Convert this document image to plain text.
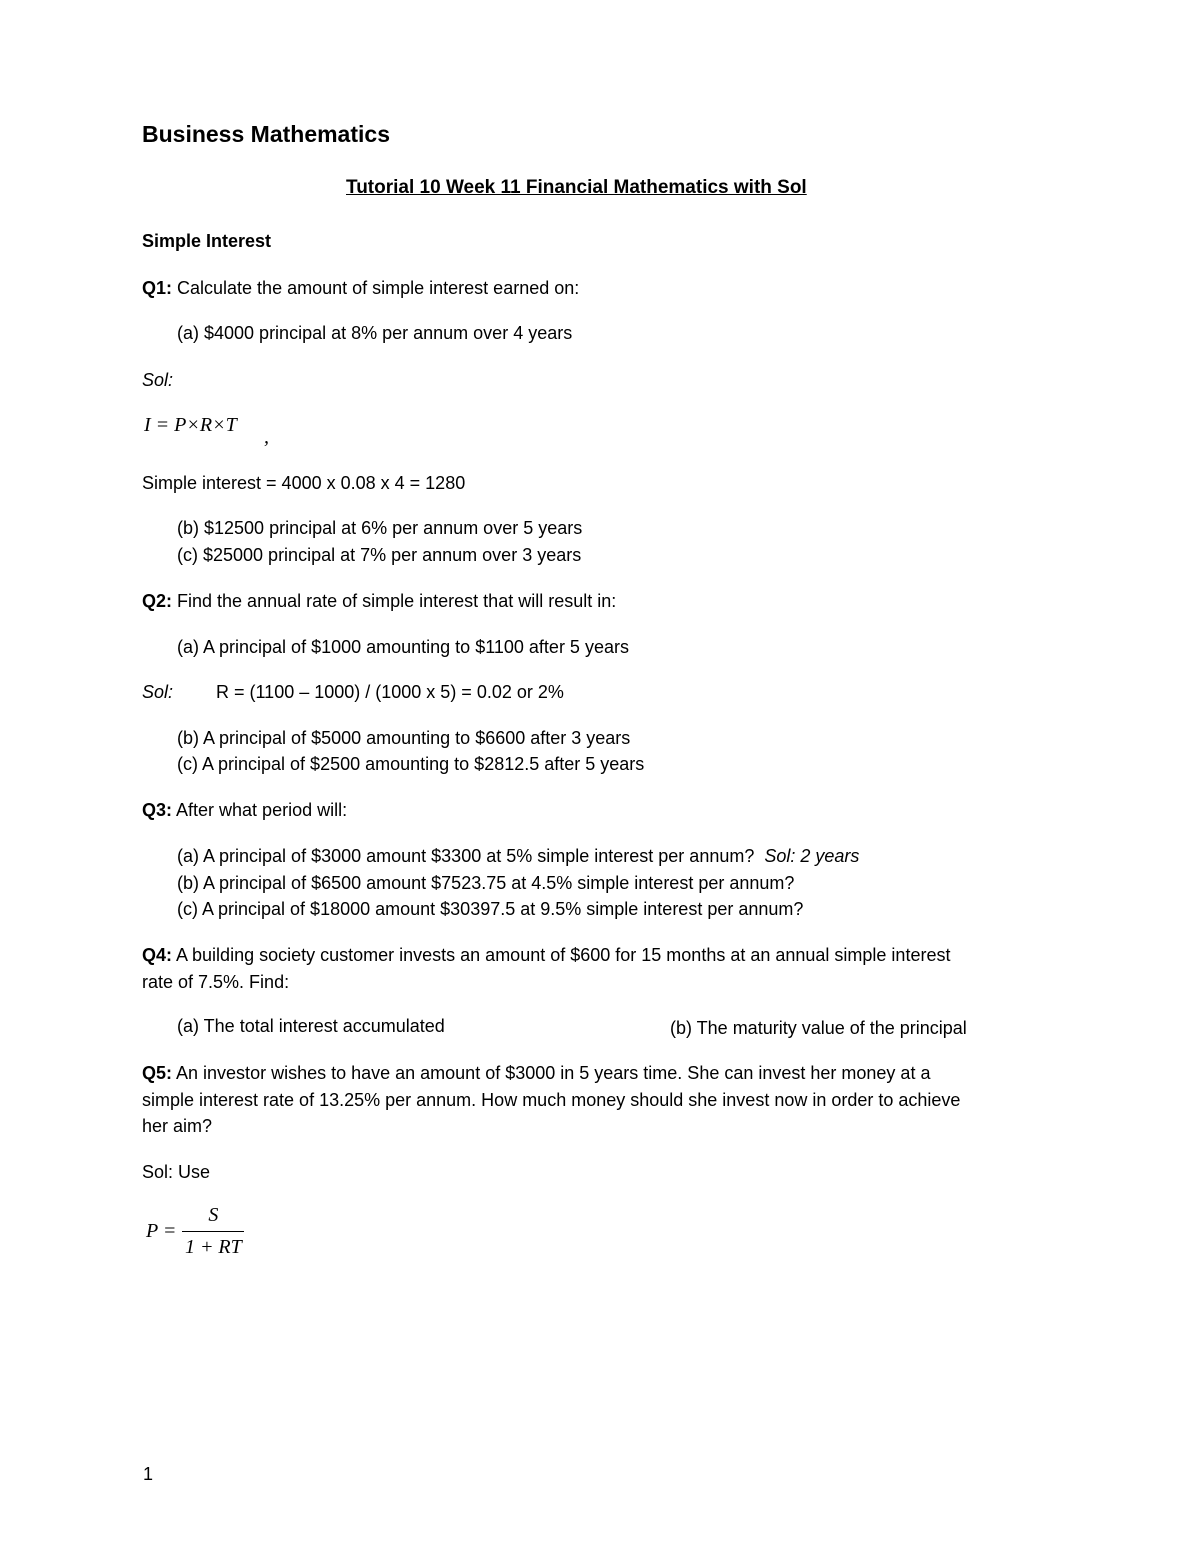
Business Mathematics
Tutorial 10 Week 11 Financial Mathematics with Sol
Simple Interest
Q1: Calculate the amount of simple interest earned on:
(a) $4000 principal at 8% per annum over 4 years
Sol:
I = P×R×T
,
Simple interest = 4000 x 0.08 x 4 = 1280
(b) $12500 principal at 6% per annum over 5 years
(c) $25000 principal at 7% per annum over 3 years
Q2: Find the annual rate of simple interest that will result in:
(a) A principal of $1000 amounting to $1100 after 5 years
Sol: R = (1100 – 1000) / (1000 x 5) = 0.02 or 2%
(b) A principal of $5000 amounting to $6600 after 3 years
(c) A principal of $2500 amounting to $2812.5 after 5 years
Q3: After what period will:
(a) A principal of $3000 amount $3300 at 5% simple interest per annum? Sol: 2 years
(b) A principal of $6500 amount $7523.75 at 4.5% simple interest per annum?
(c) A principal of $18000 amount $30397.5 at 9.5% simple interest per annum?
Q4: A building society customer invests an amount of $600 for 15 months at an annual simple interest
rate of 7.5%. Find:
(a) The total interest accumulated	(b) The maturity value of the principal
Q5: An investor wishes to have an amount of $3000 in 5 years time. She can invest her money at a
simple interest rate of 13.25% per annum. How much money should she invest now in order to achieve
her aim?
Sol: Use
$P = \frac{S}{1 + RT}$
1
